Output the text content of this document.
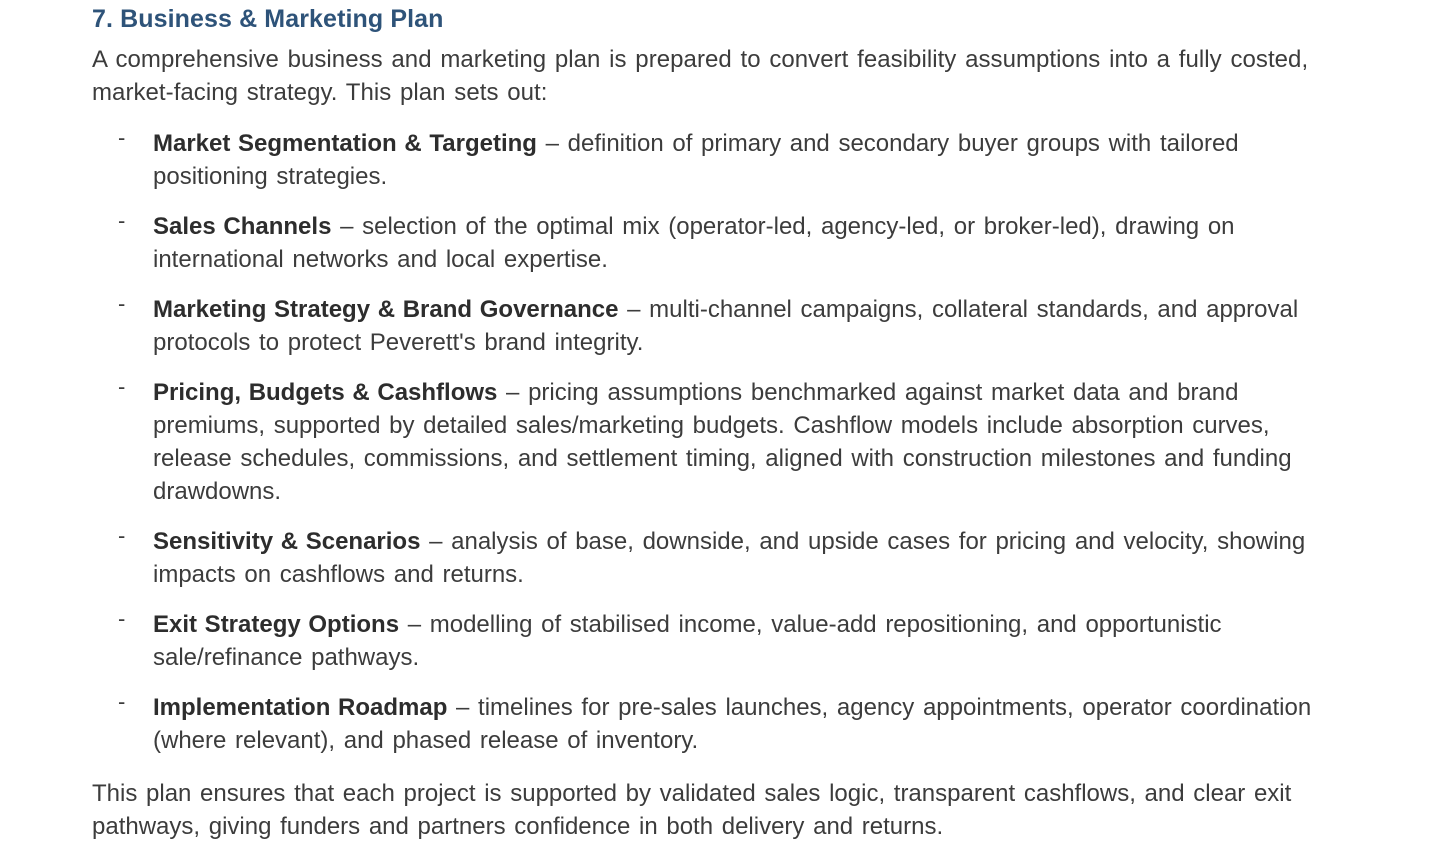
7. Business & Marketing Plan

A comprehensive business and marketing plan is prepared to convert feasibility assumptions into a fully costed, market-facing strategy. This plan sets out:

- Market Segmentation & Targeting – definition of primary and secondary buyer groups with tailored positioning strategies.
- Sales Channels – selection of the optimal mix (operator-led, agency-led, or broker-led), drawing on international networks and local expertise.
- Marketing Strategy & Brand Governance – multi-channel campaigns, collateral standards, and approval protocols to protect Peverett's brand integrity.
- Pricing, Budgets & Cashflows – pricing assumptions benchmarked against market data and brand premiums, supported by detailed sales/marketing budgets. Cashflow models include absorption curves, release schedules, commissions, and settlement timing, aligned with construction milestones and funding drawdowns.
- Sensitivity & Scenarios – analysis of base, downside, and upside cases for pricing and velocity, showing impacts on cashflows and returns.
- Exit Strategy Options – modelling of stabilised income, value-add repositioning, and opportunistic sale/refinance pathways.
- Implementation Roadmap – timelines for pre-sales launches, agency appointments, operator coordination (where relevant), and phased release of inventory.

This plan ensures that each project is supported by validated sales logic, transparent cashflows, and clear exit pathways, giving funders and partners confidence in both delivery and returns.
